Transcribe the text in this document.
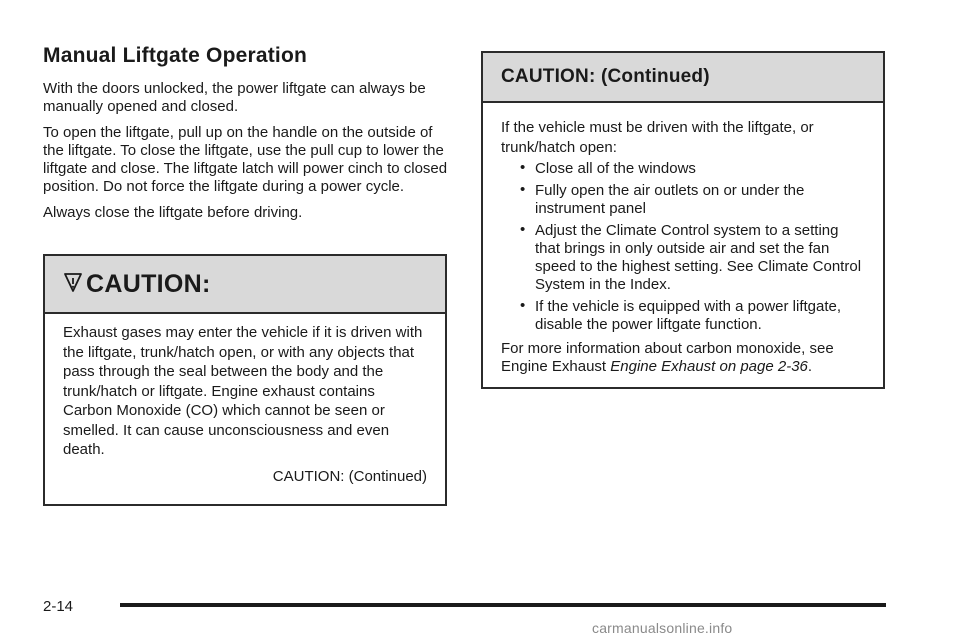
Manual Liftgate Operation

With the doors unlocked, the power liftgate can always be manually opened and closed.

To open the liftgate, pull up on the handle on the outside of the liftgate. To close the liftgate, use the pull cup to lower the liftgate and close. The liftgate latch will power cinch to closed position. Do not force the liftgate during a power cycle.

Always close the liftgate before driving.

CAUTION:

Exhaust gases may enter the vehicle if it is driven with the liftgate, trunk/hatch open, or with any objects that pass through the seal between the body and the trunk/hatch or liftgate. Engine exhaust contains Carbon Monoxide (CO) which cannot be seen or smelled. It can cause unconsciousness and even death.

CAUTION: (Continued)
CAUTION: (Continued)

If the vehicle must be driven with the liftgate, or trunk/hatch open:

• Close all of the windows
• Fully open the air outlets on or under the instrument panel
• Adjust the Climate Control system to a setting that brings in only outside air and set the fan speed to the highest setting. See Climate Control System in the Index.
• If the vehicle is equipped with a power liftgate, disable the power liftgate function.

For more information about carbon monoxide, see Engine Exhaust Engine Exhaust on page 2-36.

2-14
carmanualsonline.info
